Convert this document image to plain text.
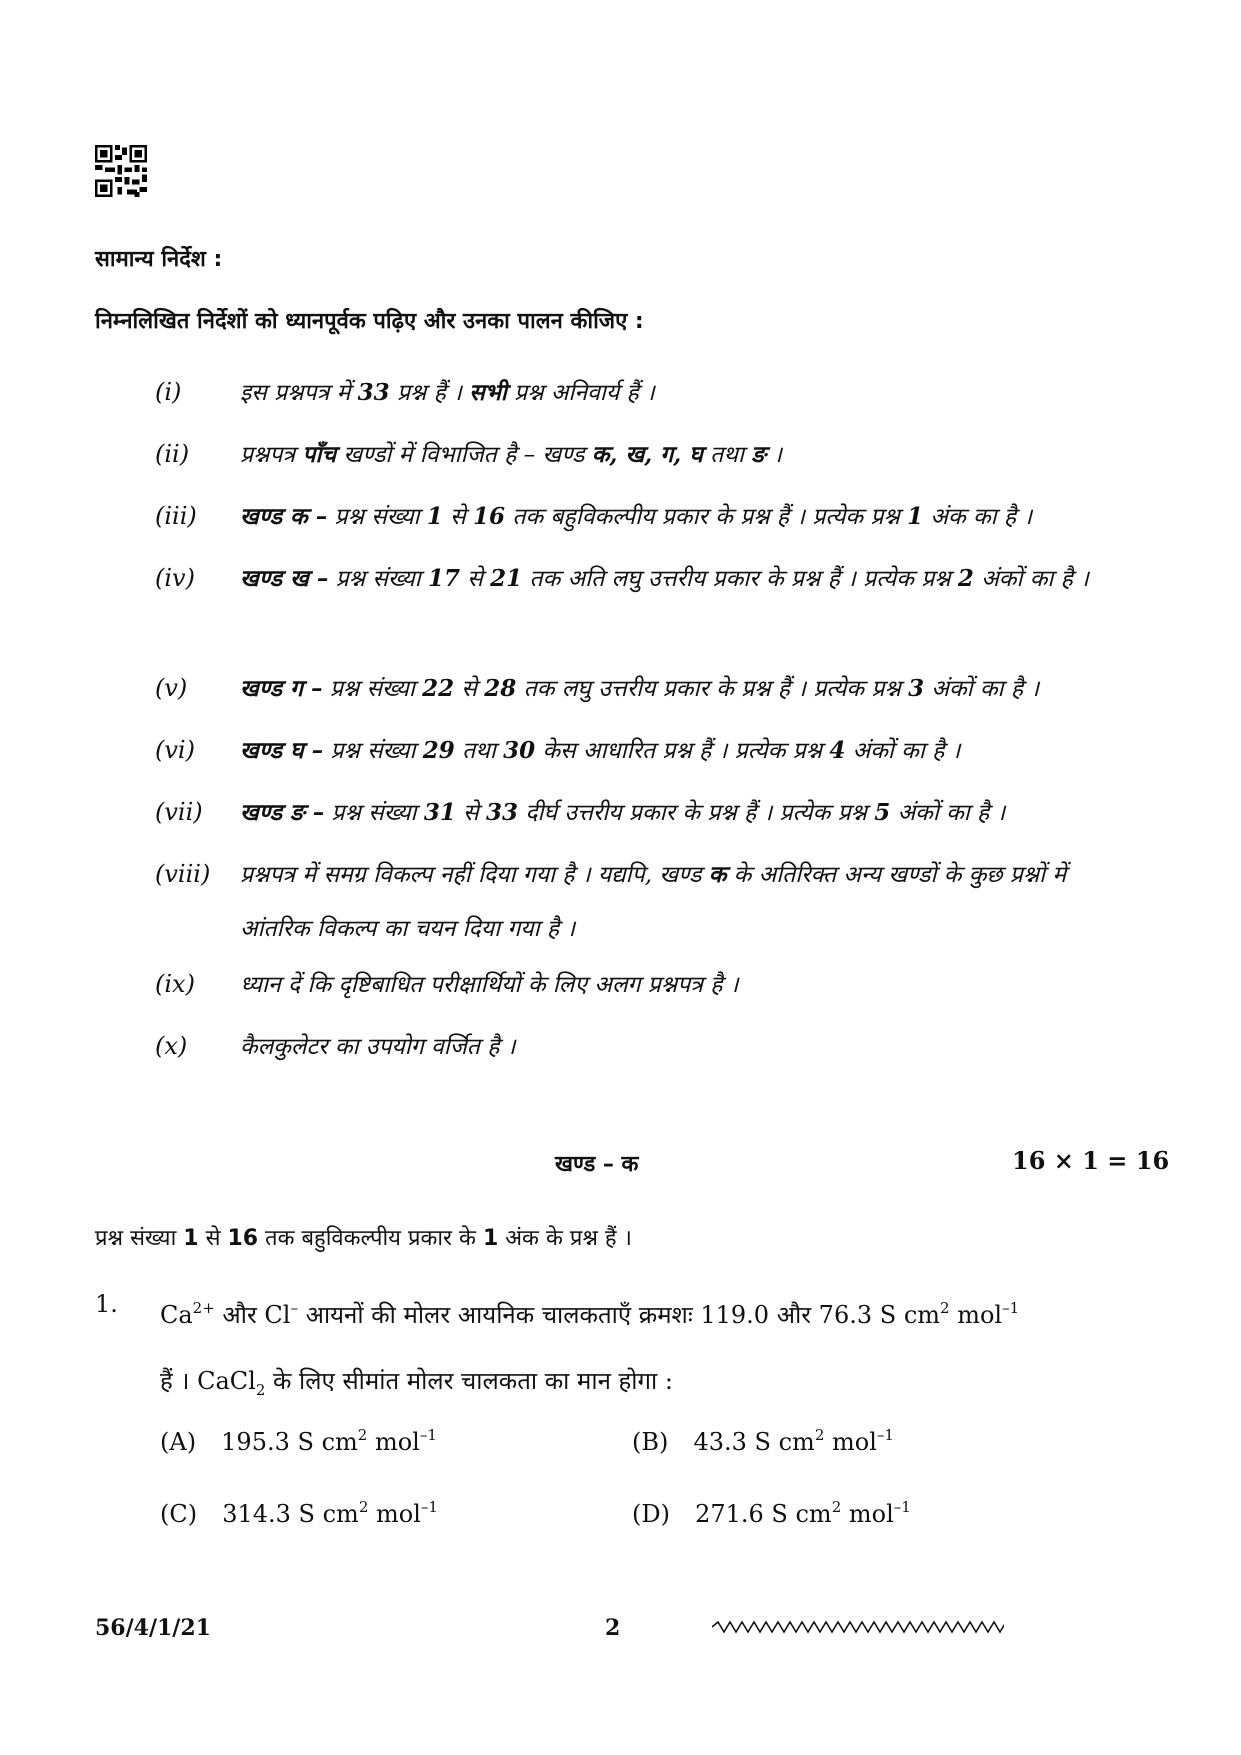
सामान्य निर्देश :
निम्नलिखित निर्देशों को ध्यानपूर्वक पढ़िए और उनका पालन कीजिए :
(i)	इस प्रश्नपत्र में 33 प्रश्न हैं । सभी प्रश्न अनिवार्य हैं ।
(ii) प्रश्नपत्र पाँच खण्डों में विभाजित है – खण्ड क, ख, ग, घ तथा ङ ।
(iii) खण्ड क – प्रश्न संख्या 1 से 16 तक बहुविकल्पीय प्रकार के प्रश्न हैं । प्रत्येक प्रश्न 1 अंक का है ।
(iv) खण्ड ख – प्रश्न संख्या 17 से 21 तक अति लघु उत्तरीय प्रकार के प्रश्न हैं । प्रत्येक प्रश्न 2 अंकों का है ।
(v) खण्ड ग – प्रश्न संख्या 22 से 28 तक लघु उत्तरीय प्रकार के प्रश्न हैं । प्रत्येक प्रश्न 3 अंकों का है ।
(vi) खण्ड घ – प्रश्न संख्या 29 तथा 30 केस आधारित प्रश्न हैं । प्रत्येक प्रश्न 4 अंकों का है ।
(vii) खण्ड ङ – प्रश्न संख्या 31 से 33 दीर्घ उत्तरीय प्रकार के प्रश्न हैं । प्रत्येक प्रश्न 5 अंकों का है ।
(viii) प्रश्नपत्र में समग्र विकल्प नहीं दिया गया है । यद्यपि, खण्ड क के अतिरिक्त अन्य खण्डों के कुछ प्रश्नों में आंतरिक विकल्प का चयन दिया गया है ।
(ix) ध्यान दें कि दृष्टिबाधित परीक्षार्थियों के लिए अलग प्रश्नपत्र है ।
(x) कैलकुलेटर का उपयोग वर्जित है ।
खण्ड – क	16 × 1 = 16
प्रश्न संख्या 1 से 16 तक बहुविकल्पीय प्रकार के 1 अंक के प्रश्न हैं ।
1. $Ca^{2+}$ और Cl– आयनों की मोलर आयनिक चालकताएँ क्रमशः 119.0 और 76.3 S $cm^2$ mol$^{-1}$
हैं । CaCl$_2$ के लिए सीमांत मोलर चालकता का मान होगा :
(A) 195.3 S $cm^2$ mol$^{-1}$	(B) 43.3 S $cm^2$ mol$^{-1}$
(C) 314.3 S $cm^2$ mol$^{-1}$	(D) 271.6 S $cm^2$ mol$^{-1}$
56/4/1/21	2
